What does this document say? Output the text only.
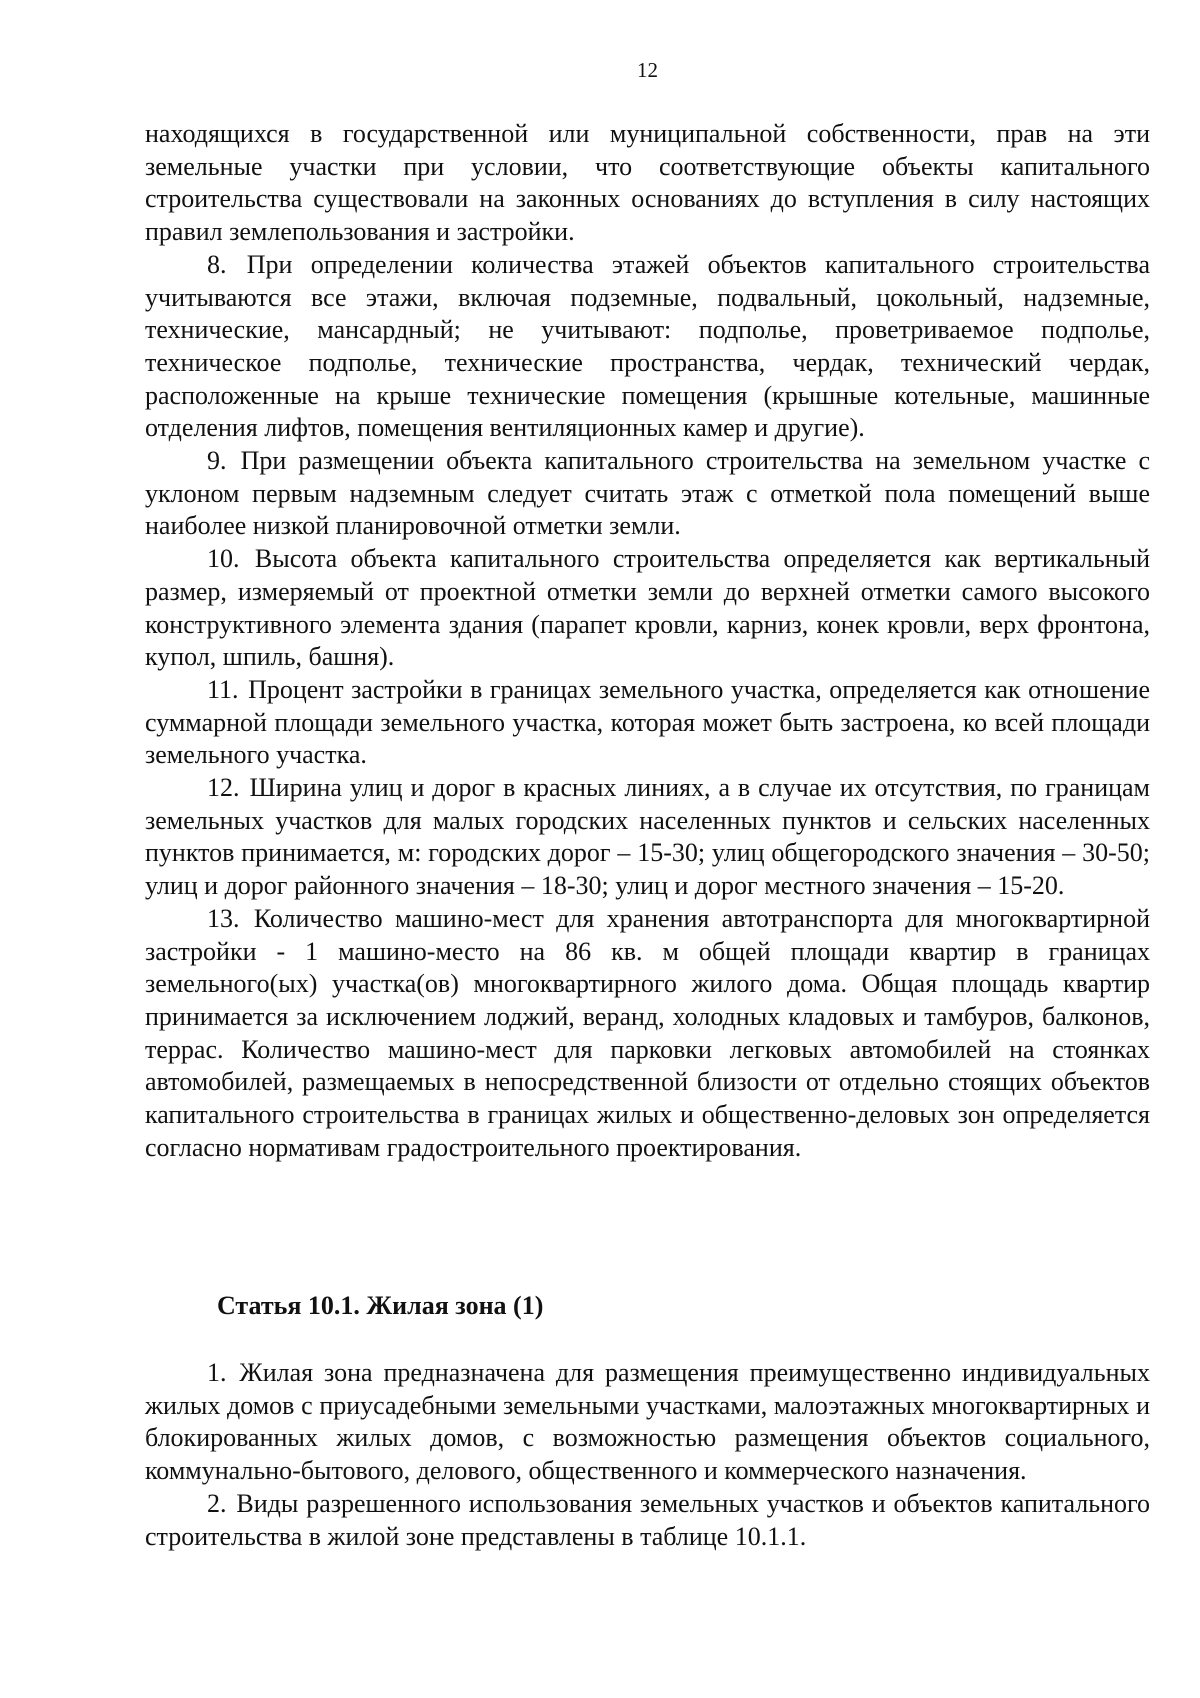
12

находящихся в государственной или муниципальной собственности, прав на эти земельные участки при условии, что соответствующие объекты капитального строительства существовали на законных основаниях до вступления в силу настоящих правил землепользования и застройки.

8. При определении количества этажей объектов капитального строительства учитываются все этажи, включая подземные, подвальный, цокольный, надземные, технические, мансардный; не учитывают: подполье, проветриваемое подполье, техническое подполье, технические пространства, чердак, технический чердак, расположенные на крыше технические помещения (крышные котельные, машинные отделения лифтов, помещения вентиляционных камер и другие).

9. При размещении объекта капитального строительства на земельном участке с уклоном первым надземным следует считать этаж с отметкой пола помещений выше наиболее низкой планировочной отметки земли.

10. Высота объекта капитального строительства определяется как вертикальный размер, измеряемый от проектной отметки земли до верхней отметки самого высокого конструктивного элемента здания (парапет кровли, карниз, конек кровли, верх фронтона, купол, шпиль, башня).

11. Процент застройки в границах земельного участка, определяется как отношение суммарной площади земельного участка, которая может быть застроена, ко всей площади земельного участка.

12. Ширина улиц и дорог в красных линиях, а в случае их отсутствия, по границам земельных участков для малых городских населенных пунктов и сельских населенных пунктов принимается, м: городских дорог – 15-30; улиц общегородского значения – 30-50; улиц и дорог районного значения – 18-30; улиц и дорог местного значения – 15-20.

13. Количество машино-мест для хранения автотранспорта для многоквартирной застройки - 1 машино-место на 86 кв. м общей площади квартир в границах земельного(ых) участка(ов) многоквартирного жилого дома. Общая площадь квартир принимается за исключением лоджий, веранд, холодных кладовых и тамбуров, балконов, террас. Количество машино-мест для парковки легковых автомобилей на стоянках автомобилей, размещаемых в непосредственной близости от отдельно стоящих объектов капитального строительства в границах жилых и общественно-деловых зон определяется согласно нормативам градостроительного проектирования.

Статья 10.1. Жилая зона (1)

1. Жилая зона предназначена для размещения преимущественно индивидуальных жилых домов с приусадебными земельными участками, малоэтажных многоквартирных и блокированных жилых домов, с возможностью размещения объектов социального, коммунально-бытового, делового, общественного и коммерческого назначения.

2. Виды разрешенного использования земельных участков и объектов капитального строительства в жилой зоне представлены в таблице 10.1.1.
